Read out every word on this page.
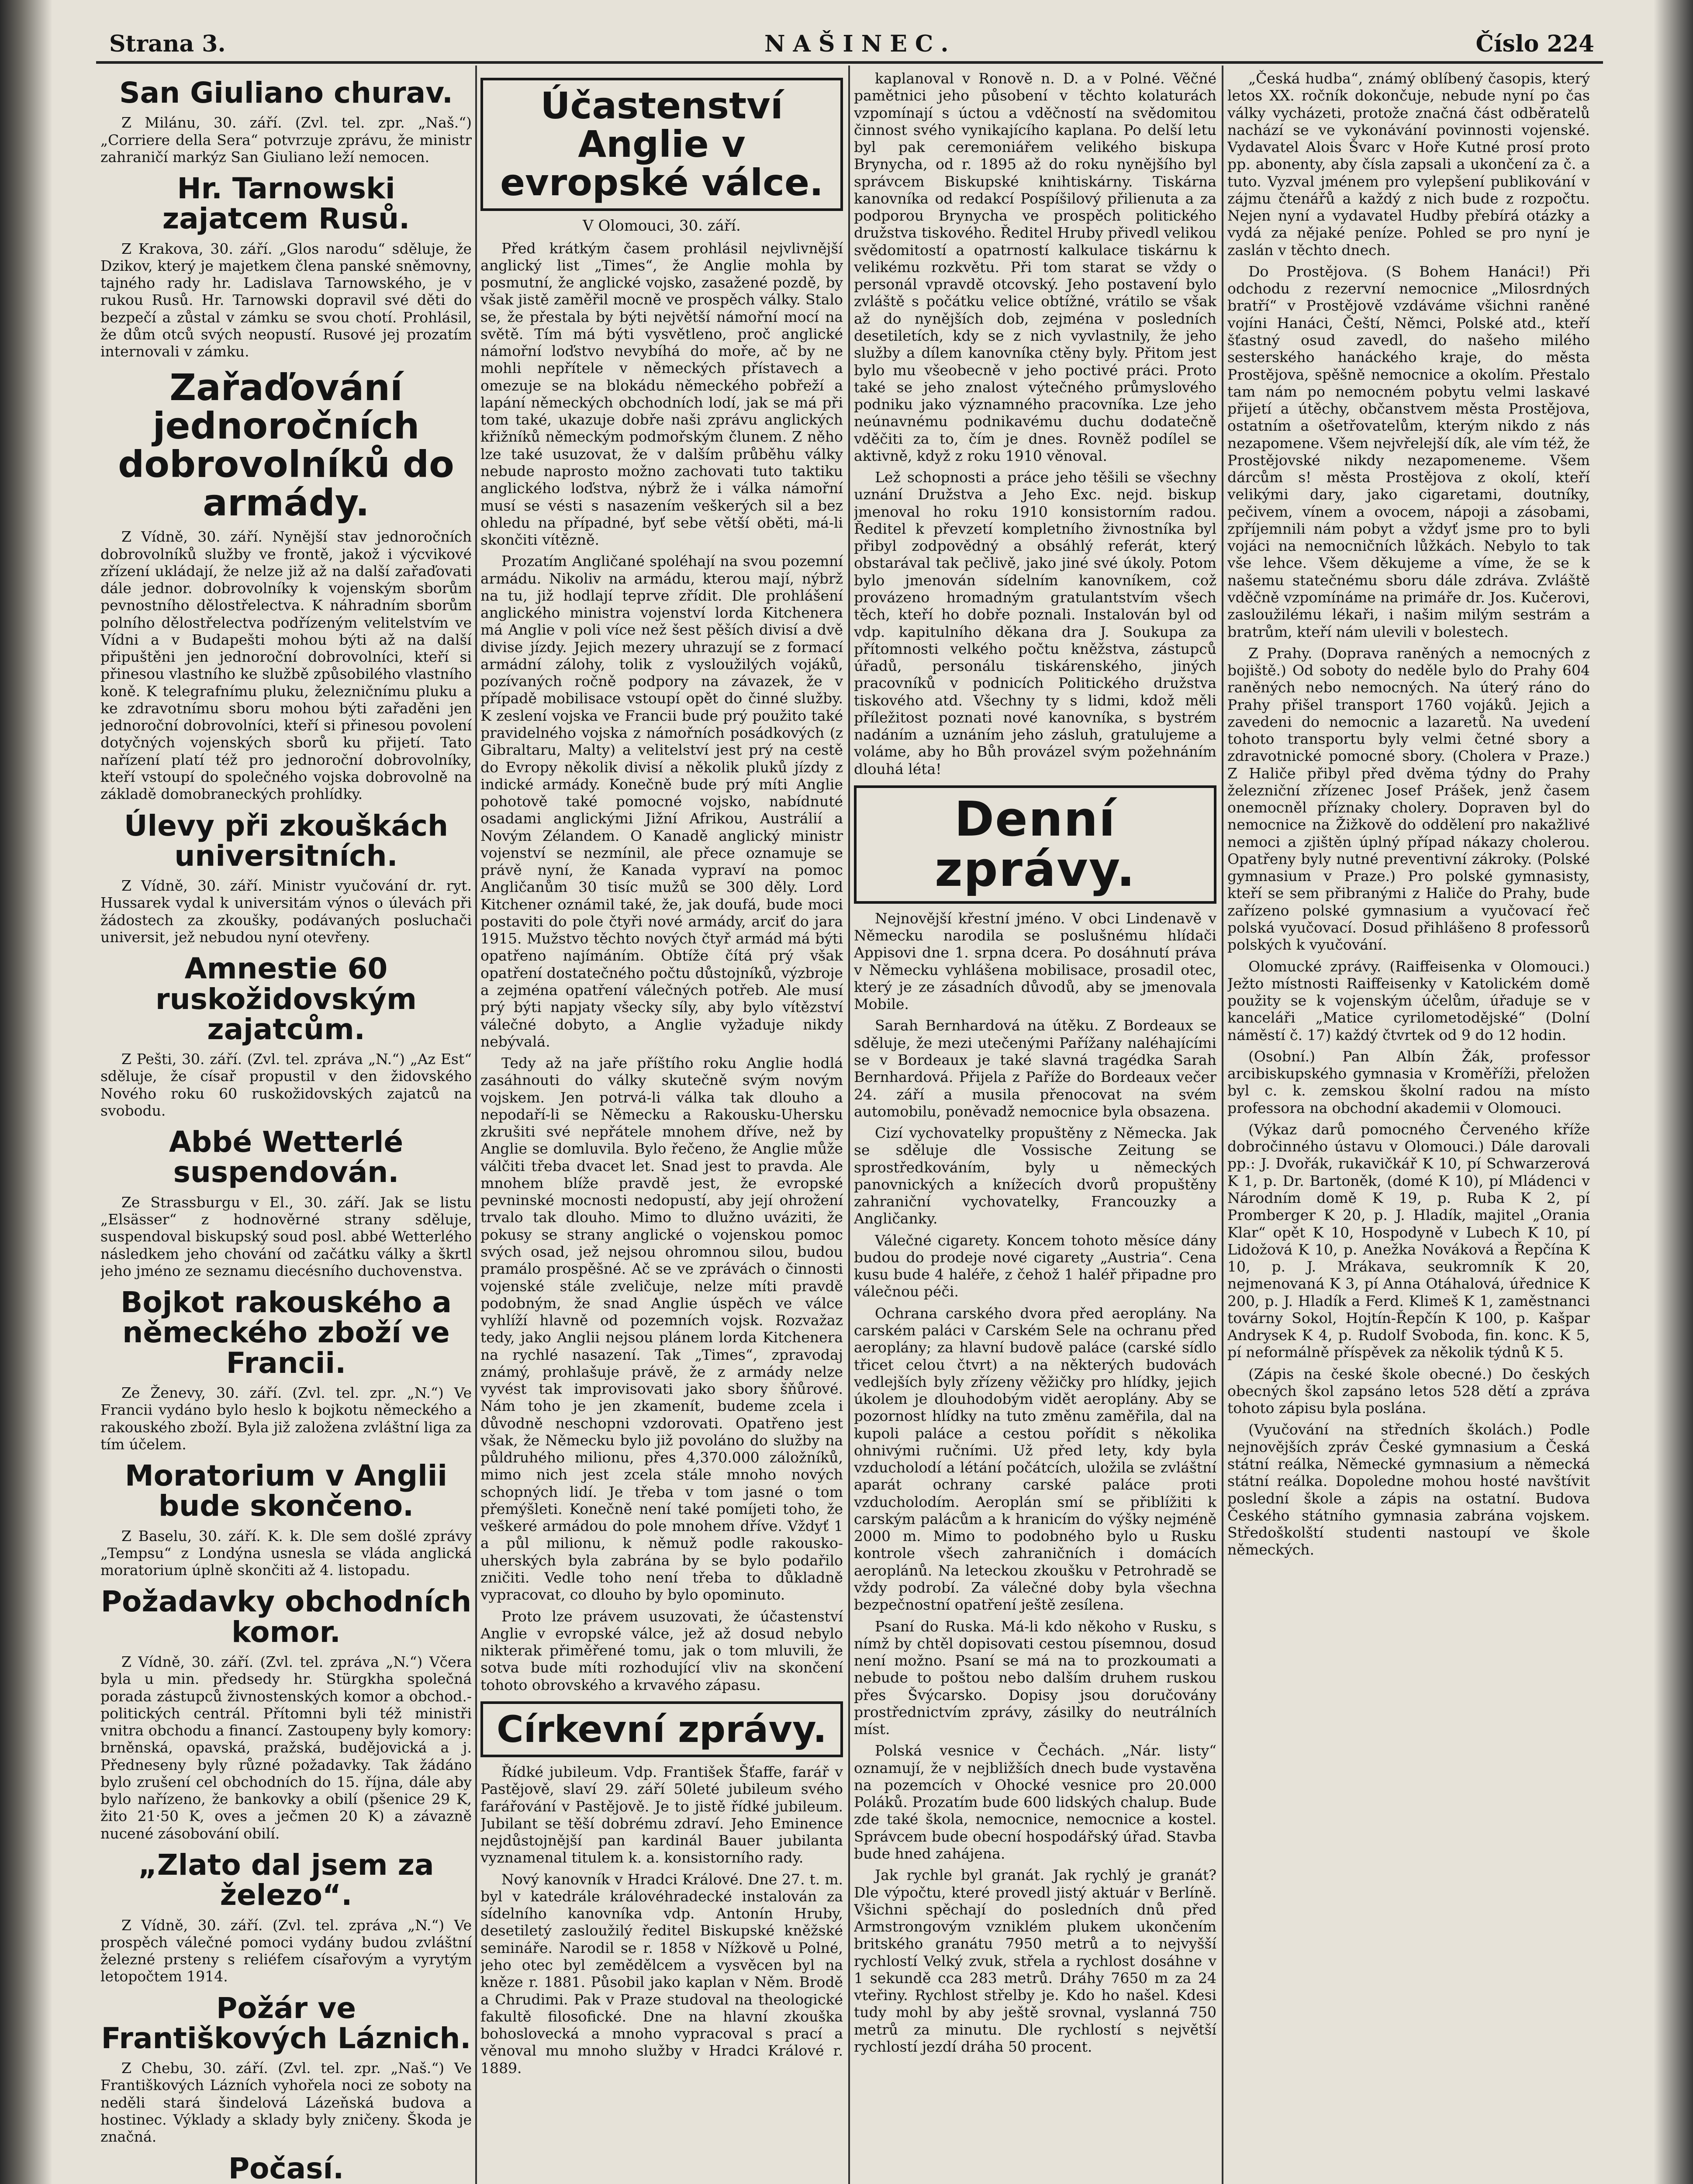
Strana 3.	NAŠINEC.	Číslo 224
San Giuliano churav.

Z Milánu, 30. září. (Zvl. tel. zpr. „Naš.“) „Corriere della Sera“ potvrzuje zprávu, že ministr zahraničí markýz San Giuliano leží nemocen.

Hr. Tarnowski zajatcem Rusů.

Z Krakova, 30. září. „Glos narodu“ sděluje, že Dzikov, který je majetkem člena panské sněmovny, tajného rady hr. Ladislava Tarnowského, je v rukou Rusů. Hr. Tarnowski dopravil své děti do bezpečí a zůstal v zámku se svou chotí. Prohlásil, že dům otců svých neopustí. Rusové jej prozatím internovali v zámku.

Zařaďování jednoročních dobrovolníků do armády.

Z Vídně, 30. září. Nynější stav jednoročních dobrovolníků služby ve frontě, jakož i výcvikové zřízení ukládají, že nelze již až na další zařaďovati dále jednor. dobrovolníky k vojenským sborům pevnostního dělostřelectva. K náhradním sborům polního dělostřelectva podřízeným velitelstvím ve Vídni a v Budapešti mohou býti až na další připuštěni jen jednoroční dobrovolníci, kteří si přinesou vlastního ke službě způsobilého vlastního koně. K telegrafnímu pluku, železničnímu pluku a ke zdravotnímu sboru mohou býti zařaděni jen jednoroční dobrovolníci, kteří si přinesou povolení dotyčných vojenských sborů ku přijetí. Tato nařízení platí též pro jednoroční dobrovolníky, kteří vstoupí do společného vojska dobrovolně na základě domobraneckých prohlídky.

Úlevy při zkouškách universitních.

Z Vídně, 30. září. Ministr vyučování dr. ryt. Hussarek vydal k universitám výnos o úlevách při žádostech za zkoušky, podávaných posluchači universit, jež nebudou nyní otevřeny.

Amnestie 60 ruskožidovským zajatcům.

Z Pešti, 30. září. (Zvl. tel. zpráva „N.“) „Az Est“ sděluje, že císař propustil v den židovského Nového roku 60 ruskožidovských zajatců na svobodu.

Abbé Wetterlé suspendován.

Ze Strassburgu v El., 30. září. Jak se listu „Elsässer“ z hodnověrné strany sděluje, suspendoval biskupský soud posl. abbé Wetterlého následkem jeho chování od začátku války a škrtl jeho jméno ze seznamu diecésního duchovenstva.

Bojkot rakouského a německého zboží ve Francii.

Ze Ženevy, 30. září. (Zvl. tel. zpr. „N.“) Ve Francii vydáno bylo heslo k bojkotu německého a rakouského zboží. Byla již založena zvláštní liga za tím účelem.

Moratorium v Anglii bude skončeno.

Z Baselu, 30. září. K. k. Dle sem došlé zprávy „Tempsu“ z Londýna usnesla se vláda anglická moratorium úplně skončiti až 4. listopadu.

Požadavky obchodních komor.

Z Vídně, 30. září. (Zvl. tel. zpráva „N.“) Včera byla u min. předsedy hr. Stürgkha společná porada zástupců živnostenských komor a obchod.-politických centrál. Přítomni byli též ministři vnitra obchodu a financí. Zastoupeny byly komory: brněnská, opavská, pražská, budějovická a j. Předneseny byly různé požadavky. Tak žádáno bylo zrušení cel obchodních do 15. října, dále aby bylo nařízeno, že bankovky a obilí (pšenice 29 K, žito 21·50 K, oves a ječmen 20 K) a závazně nucené zásobování obilí.

„Zlato dal jsem za železo“.

Z Vídně, 30. září. (Zvl. tel. zpráva „N.“) Ve prospěch válečné pomoci vydány budou zvláštní železné prsteny s reliéfem císařovým a vyrytým letopočtem 1914.

Požár ve Františkových Láznich.

Z Chebu, 30. září. (Zvl. tel. zpr. „Naš.“) Ve Františkových Lázních vyhořela noci ze soboty na neděli stará šindelová Lázeňská budova a hostinec. Výklady a sklady byly zničeny. Škoda je značná.

Počasí.

Účastenství Anglie v evropské válce.
V Olomouci, 30. září.

Před krátkým časem prohlásil nejvlivnější anglický list „Times“, že Anglie mohla by posmutní, že anglické vojsko, zasažené pozdě, by však jistě zaměřil mocně ve prospěch války. Stalo se, že přestala by býti největší námořní mocí na světě. Tím má býti vysvětleno, proč anglické námořní loďstvo nevybíhá do moře, ač by ne mohli nepřítele v německých přístavech a omezuje se na blokádu německého pobřeží a lapání německých obchodních lodí, jak se má při tom také, ukazuje dobře naši zprávu anglických křižníků německým podmořským člunem. Z něho lze také usuzovat, že v dalším průběhu války nebude naprosto možno zachovati tuto taktiku anglického loďstva, nýbrž že i válka námořní musí se vésti s nasazením veškerých sil a bez ohledu na případné, byť sebe větší oběti, má-li skončiti vítězně.

Prozatím Angličané spoléhají na svou pozemní armádu. Nikoliv na armádu, kterou mají, nýbrž na tu, již hodlají teprve zřídit. Dle prohlášení anglického ministra vojenství lorda Kitchenera má Anglie v poli více než šest pěších divisí a dvě divise jízdy. Jejich mezery uhrazují se z formací armádní zálohy, tolik z vysloužilých vojáků, pozívaných ročně podpory na závazek, že v případě mobilisace vstoupí opět do činné služby. K zeslení vojska ve Francii bude prý použito také pravidelného vojska z námořních posádkových (z Gibraltaru, Malty) a velitelství jest prý na cestě do Evropy několik divisí a několik pluků jízdy z indické armády. Konečně bude prý míti Anglie pohotově také pomocné vojsko, nabídnuté osadami anglickými Jižní Afrikou, Austrálií a Novým Zélandem. O Kanadě anglický ministr vojenství se nezmínil, ale přece oznamuje se právě nyní, že Kanada vypraví na pomoc Angličanům 30 tisíc mužů se 300 děly. Lord Kitchener oznámil také, že, jak doufá, bude moci postaviti do pole čtyři nové armády, arciť do jara 1915. Mužstvo těchto nových čtyř armád má býti opatřeno najímáním. Obtíže čítá prý však opatření dostatečného počtu důstojníků, výzbroje a zejména opatření válečných potřeb. Ale musí prý býti napjaty všecky síly, aby bylo vítězství válečné dobyto, a Anglie vyžaduje nikdy nebývalá.

Tedy až na jaře příštího roku Anglie hodlá zasáhnouti do války skutečně svým novým vojskem. Jen potrvá-li válka tak dlouho a nepodaří-li se Německu a Rakousku-Uhersku zkrušiti své nepřátele mnohem dříve, než by Anglie se domluvila. Bylo řečeno, že Anglie může válčiti třeba dvacet let. Snad jest to pravda. Ale mnohem blíže pravdě jest, že evropské pevninské mocnosti nedopustí, aby její ohrožení trvalo tak dlouho. Mimo to dlužno uváziti, že pokusy se strany anglické o vojenskou pomoc svých osad, jež nejsou ohromnou silou, budou pramálo prospěšné. Ač se ve zprávách o činnosti vojenské stále zveličuje, nelze míti pravdě podobným, že snad Anglie úspěch ve válce vyhlíží hlavně od pozemních vojsk. Rozvažaz tedy, jako Anglii nejsou plánem lorda Kitchenera na rychlé nasazení. Tak „Times“, zpravodaj známý, prohlašuje právě, že z armády nelze vyvést tak improvisovati jako sbory šňůrové. Nám toho je jen zkamenít, budeme zcela i důvodně neschopni vzdorovati. Opatřeno jest však, že Německu bylo již povoláno do služby na půldruhého milionu, přes 4,370.000 záložníků, mimo nich jest zcela stále mnoho nových schopných lidí. Je třeba v tom jasné o tom přemýšleti. Konečně není také pomíjeti toho, že veškeré armádou do pole mnohem dříve. Vždyť 1 a půl milionu, k němuž podle rakousko-uherských byla zabrána by se bylo podařilo zničiti. Vedle toho není třeba to důkladně vypracovat, co dlouho by bylo opominuto.

Proto lze právem usuzovati, že účastenství Anglie v evropské válce, jež až dosud nebylo nikterak přiměřené tomu, jak o tom mluvili, že sotva bude míti rozhodující vliv na skončení tohoto obrovského a krvavého zápasu.

Církevní zprávy.

Řídké jubileum. Vdp. František Šťaffe, farář v Pastějově, slaví 29. září 50leté jubileum svého farářování v Pastějově. Je to jistě řídké jubileum. Jubilant se těší dobrému zdraví. Jeho Eminence nejdůstojnější pan kardinál Bauer jubilanta vyznamenal titulem k. a. konsistorního rady.

Nový kanovník v Hradci Králové. Dne 27. t. m. byl v katedrále královéhradecké instalován za sídelního kanovníka vdp. Antonín Hruby, desetiletý zasloužilý ředitel Biskupské kněžské semináře. Narodil se r. 1858 v Nížkově u Polné, jeho otec byl zemědělcem a vysvěcen byl na kněze r. 1881. Působil jako kaplan v Něm. Brodě a Chrudimi. Pak v Praze studoval na theologické fakultě filosofické. Dne na hlavní zkouška bohoslovecká a mnoho vypracoval s prací a věnoval mu mnoho služby v Hradci Králové r. 1889.

kaplanoval v Ronově n. D. a v Polné. Věčné pamětnici jeho působení v těchto kolaturách vzpomínají s úctou a vděčností na svědomitou činnost svého vynikajícího kaplana. Po delší letu byl pak ceremoniářem velikého biskupa Brynycha, od r. 1895 až do roku nynějšího byl správcem Biskupské knihtiskárny. Tiskárna kanovníka od redakcí Pospíšilový přilienuta a za podporou Brynycha ve prospěch politického družstva tiskového. Ředitel Hruby přivedl velikou svědomitostí a opatrností kalkulace tiskárnu k velikému rozkvětu. Při tom starat se vždy o personál vpravdě otcovský. Jeho postavení bylo zvláště s počátku velice obtížné, vrátilo se však až do nynějších dob, zejména v posledních desetiletích, kdy se z nich vyvlastnily, že jeho služby a dílem kanovníka ctěny byly. Přitom jest bylo mu všeobecně v jeho poctivé práci. Proto také se jeho znalost výtečného průmyslového podniku jako významného pracovníka. Lze jeho neúnavnému podnikavému duchu dodatečně vděčiti za to, čím je dnes. Rovněž podílel se aktivně, když z roku 1910 věnoval.

Lež schopnosti a práce jeho těšili se všechny uznání Družstva a Jeho Exc. nejd. biskup jmenoval ho roku 1910 konsistorním radou. Ředitel k převzetí kompletního živnostníka byl přibyl zodpovědný a obsáhlý referát, který obstarával tak pečlivě, jako jiné své úkoly. Potom bylo jmenován sídelním kanovníkem, což provázeno hromadným gratulantstvím všech těch, kteří ho dobře poznali. Instalován byl od vdp. kapitulního děkana dra J. Soukupa za přítomnosti velkého počtu kněžstva, zástupců úřadů, personálu tiskárenského, jiných pracovníků v podnicích Politického družstva tiskového atd. Všechny ty s lidmi, kdož měli příležitost poznati nové kanovníka, s bystrém nadáním a uznáním jeho zásluh, gratulujeme a voláme, aby ho Bůh provázel svým požehnáním dlouhá léta!

Denní zprávy.

Nejnovější křestní jméno. V obci Lindenavě v Německu narodila se poslušnému hlídači Appisovi dne 1. srpna dcera. Po dosáhnutí práva v Německu vyhlášena mobilisace, prosadil otec, který je ze zásadních důvodů, aby se jmenovala Mobile.

Sarah Bernhardová na útěku. Z Bordeaux se sděluje, že mezi utečenými Pařížany naléhajícími se v Bordeaux je také slavná tragédka Sarah Bernhardová. Přijela z Paříže do Bordeaux večer 24. září a musila přenocovat na svém automobilu, poněvadž nemocnice byla obsazena.

Cizí vychovatelky propuštěny z Německa. Jak se sděluje dle Vossische Zeitung se sprostředkováním, byly u německých panovnických a knížecích dvorů propuštěny zahraniční vychovatelky, Francouzky a Angličanky.

Válečné cigarety. Koncem tohoto měsíce dány budou do prodeje nové cigarety „Austria“. Cena kusu bude 4 haléře, z čehož 1 haléř připadne pro válečnou péči.

Ochrana carského dvora před aeroplány. Na carském paláci v Carském Sele na ochranu před aeroplány; za hlavní budově paláce (carské sídlo třicet celou čtvrt) a na některých budovách vedlejších byly zřízeny věžičky pro hlídky, jejich úkolem je dlouhodobým vidět aeroplány. Aby se pozornost hlídky na tuto změnu zaměřila, dal na kupoli paláce a cestou pořídit s několika ohnivými ručními. Už před lety, kdy byla vzducholodí a létání počátcích, uložila se zvláštní aparát ochrany carské paláce proti vzducholodím. Aeroplán smí se přiblížiti k carským palácům a k hranicím do výšky nejméně 2000 m. Mimo to podobného bylo u Rusku kontrole všech zahraničních i domácích aeroplánů. Na leteckou zkoušku v Petrohradě se vždy podrobí. Za válečné doby byla všechna bezpečnostní opatření ještě zesílena.

Psaní do Ruska. Má-li kdo někoho v Rusku, s nímž by chtěl dopisovati cestou písemnou, dosud není možno. Psaní se má na to prozkoumati a nebude to poštou nebo dalším druhem ruskou přes Švýcarsko. Dopisy jsou doručovány prostřednictvím zprávy, zásilky do neutrálních míst.

Polská vesnice v Čechách. „Nár. listy“ oznamují, že v nejbližších dnech bude vystavěna na pozemcích v Ohocké vesnice pro 20.000 Poláků. Prozatím bude 600 lidských chalup. Bude zde také škola, nemocnice, nemocnice a kostel. Správcem bude obecní hospodářský úřad. Stavba bude hned zahájena.

Jak rychle byl granát. Jak rychlý je granát? Dle výpočtu, které provedl jistý aktuár v Berlíně. Všichni spěchají do posledních dnů před Armstrongovým vzniklém plukem ukončením britského granátu 7950 metrů a to nejvyšší rychlostí Velký zvuk, střela a rychlost dosáhne v 1 sekundě cca 283 metrů. Dráhy 7650 m za 24 vteřiny. Rychlost střelby je. Kdo ho našel. Kdesi tudy mohl by aby ještě srovnal, vyslanná 750 metrů za minutu. Dle rychlostí s největší rychlostí jezdí dráha 50 procent.

„Česká hudba“, známý oblíbený časopis, který letos XX. ročník dokončuje, nebude nyní po čas války vycházeti, protože značná část odběratelů nachází se ve vykonávání povinnosti vojenské. Vydavatel Alois Švarc v Hoře Kutné prosí proto pp. abonenty, aby čísla zapsali a ukončení za č. a tuto. Vyzval jménem pro vylepšení publikování v zájmu čtenářů a každý z nich bude z rozpočtu. Nejen nyní a vydavatel Hudby přebírá otázky a vydá za nějaké peníze. Pohled se pro nyní je zaslán v těchto dnech.

Do Prostějova. (S Bohem Hanáci!) Při odchodu z rezervní nemocnice „Milosrdných bratří“ v Prostějově vzdáváme všichni raněné vojíni Hanáci, Čeští, Němci, Polské atd., kteří šťastný osud zavedl, do našeho milého sesterského hanáckého kraje, do města Prostějova, spěšně nemocnice a okolím. Přestalo tam nám po nemocném pobytu velmi laskavé přijetí a útěchy, občanstvem města Prostějova, ostatním a ošetřovatelům, kterým nikdo z nás nezapomene. Všem nejvřelejší dík, ale vím též, že Prostějovské nikdy nezapomeneme. Všem dárcům s! města Prostějova z okolí, kteří velikými dary, jako cigaretami, doutníky, pečivem, vínem a ovocem, nápoji a zásobami, zpříjemnili nám pobyt a vždyť jsme pro to byli vojáci na nemocničních lůžkách. Nebylo to tak vše lehce. Všem děkujeme a víme, že se k našemu statečnému sboru dále zdráva. Zvláště vděčně vzpomínáme na primáře dr. Jos. Kučerovi, zasloužilému lékaři, i našim milým sestrám a bratrům, kteří nám ulevili v bolestech.

Z Prahy. (Doprava raněných a nemocných z bojiště.) Od soboty do neděle bylo do Prahy 604 raněných nebo nemocných. Na úterý ráno do Prahy přišel transport 1760 vojáků. Jejich a zavedeni do nemocnic a lazaretů. Na uvedení tohoto transportu byly velmi četné sbory a zdravotnické pomocné sbory. (Cholera v Praze.) Z Haliče přibyl před dvěma týdny do Prahy železniční zřízenec Josef Prášek, jenž časem onemocněl příznaky cholery. Dopraven byl do nemocnice na Žižkově do oddělení pro nakažlivé nemoci a zjištěn úplný případ nákazy cholerou. Opatřeny byly nutné preventivní zákroky. (Polské gymnasium v Praze.) Pro polské gymnasisty, kteří se sem přibranými z Haliče do Prahy, bude zařízeno polské gymnasium a vyučovací řeč polská vyučovací. Dosud přihlášeno 8 professorů polských k vyučování.

Olomucké zprávy. (Raiffeisenka v Olomouci.) Ježto místnosti Raiffeisenky v Katolickém domě použity se k vojenským účelům, úřaduje se v kanceláři „Matice cyrilometodějské“ (Dolní náměstí č. 17) každý čtvrtek od 9 do 12 hodin.

(Osobní.) Pan Albín Žák, professor arcibiskupského gymnasia v Kroměříži, přeložen byl c. k. zemskou školní radou na místo professora na obchodní akademii v Olomouci.

(Výkaz darů pomocného Červeného kříže dobročinného ústavu v Olomouci.) Dále darovali pp.: J. Dvořák, rukavičkář K 10, pí Schwarzerová K 1, p. Dr. Bartoněk, (domé K 10), pí Mládenci v Národním domě K 19, p. Ruba K 2, pí Promberger K 20, p. J. Hladík, majitel „Orania Klar“ opět K 10, Hospodyně v Lubech K 10, pí Lidožová K 10, p. Anežka Nováková a Řepčína K 10, p. J. Mrákava, seukromník K 20, nejmenovaná K 3, pí Anna Otáhalová, úřednice K 200, p. J. Hladík a Ferd. Klimeš K 1, zaměstnanci továrny Sokol, Hojtín-Řepčín K 100, p. Kašpar Andrysek K 4, p. Rudolf Svoboda, fin. konc. K 5, pí neformálně příspěvek za několik týdnů K 5.

(Zápis na české škole obecné.) Do českých obecných škol zapsáno letos 528 dětí a zpráva tohoto zápisu byla poslána.

(Vyučování na středních školách.) Podle nejnovějších zpráv České gymnasium a Česká státní reálka, Německé gymnasium a německá státní reálka. Dopoledne mohou hosté navštívit poslední škole a zápis na ostatní. Budova Českého státního gymnasia zabrána vojskem. Středoškolští studenti nastoupí ve škole německých.
